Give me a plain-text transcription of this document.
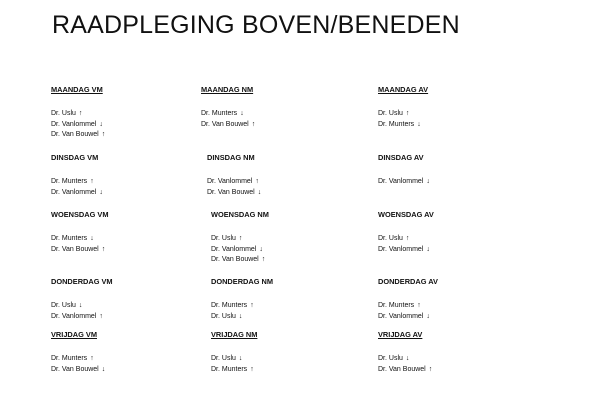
RAADPLEGING BOVEN/BENEDEN
MAANDAG VM
Dr. Uslu ↑
Dr. Vanlommel ↓
Dr. Van Bouwel ↑
MAANDAG NM
Dr. Munters ↓
Dr. Van Bouwel ↑
MAANDAG AV
Dr. Uslu ↑
Dr. Munters ↓
DINSDAG VM
Dr. Munters ↑
Dr. Vanlommel ↓
DINSDAG NM
Dr. Vanlommel ↑
Dr. Van Bouwel ↓
DINSDAG AV
Dr. Vanlommel ↓
WOENSDAG VM
Dr. Munters ↓
Dr. Van Bouwel ↑
WOENSDAG NM
Dr. Uslu ↑
Dr. Vanlommel ↓
Dr. Van Bouwel ↑
WOENSDAG AV
Dr. Uslu ↑
Dr. Vanlommel ↓
DONDERDAG VM
Dr. Uslu ↓
Dr. Vanlommel ↑
DONDERDAG NM
Dr. Munters ↑
Dr. Uslu ↓
DONDERDAG AV
Dr. Munters ↑
Dr. Vanlommel ↓
VRIJDAG VM
Dr. Munters ↑
Dr. Van Bouwel ↓
VRIJDAG NM
Dr. Uslu ↓
Dr. Munters ↑
VRIJDAG AV
Dr. Uslu ↓
Dr. Van Bouwel ↑
